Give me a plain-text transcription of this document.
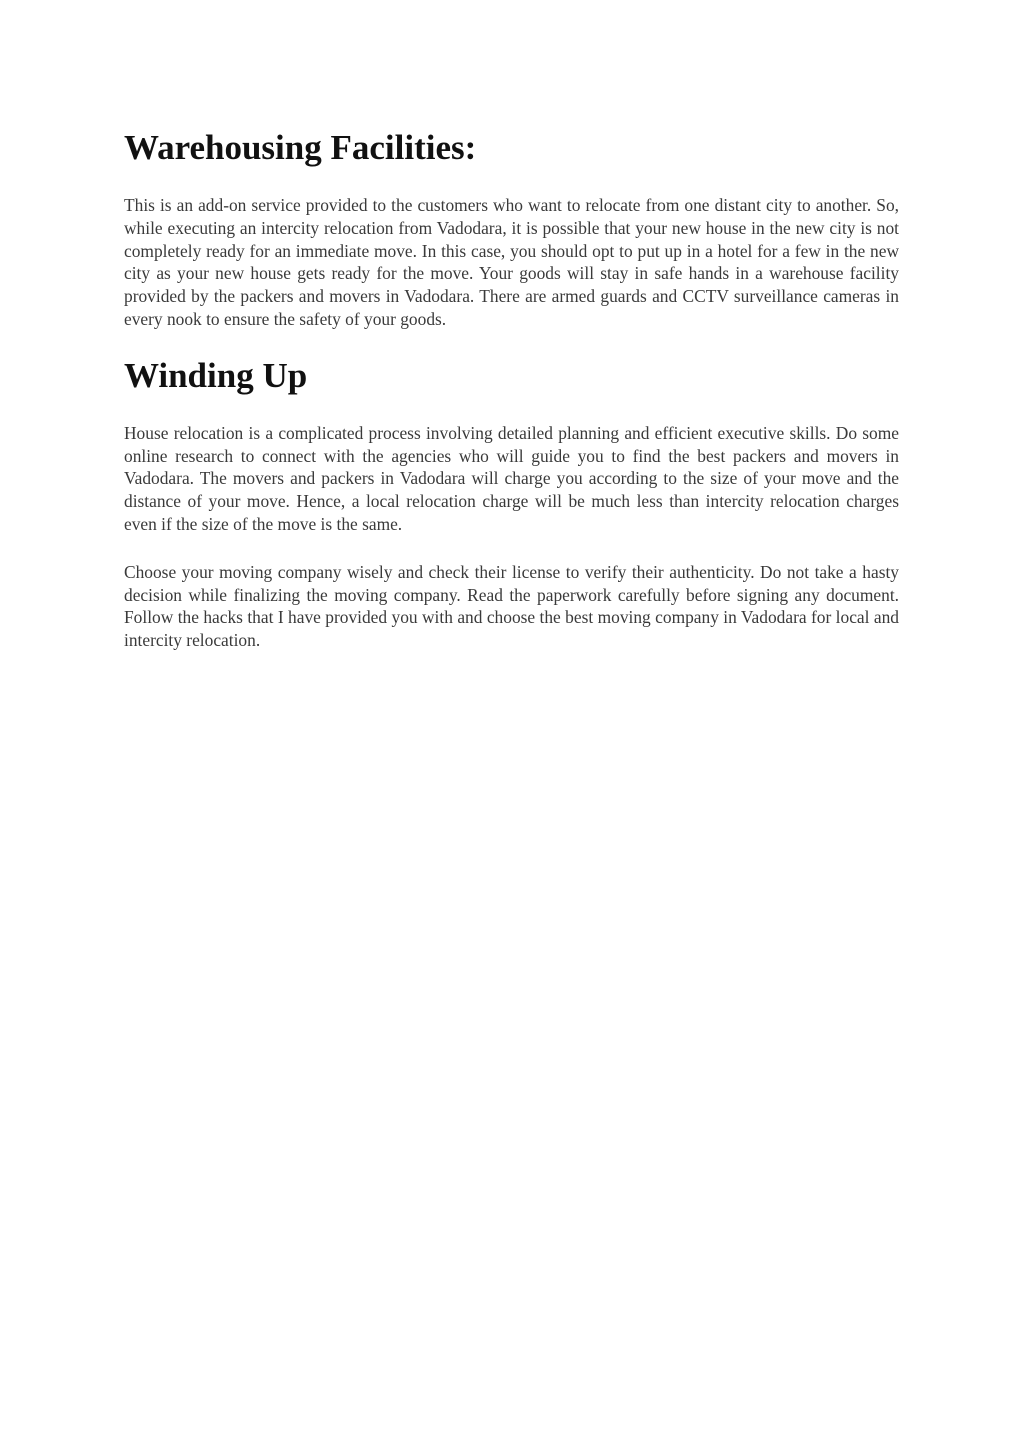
Warehousing Facilities:

This is an add-on service provided to the customers who want to relocate from one distant city to another. So, while executing an intercity relocation from Vadodara, it is possible that your new house in the new city is not completely ready for an immediate move. In this case, you should opt to put up in a hotel for a few in the new city as your new house gets ready for the move. Your goods will stay in safe hands in a warehouse facility provided by the packers and movers in Vadodara. There are armed guards and CCTV surveillance cameras in every nook to ensure the safety of your goods.

Winding Up

House relocation is a complicated process involving detailed planning and efficient executive skills. Do some online research to connect with the agencies who will guide you to find the best packers and movers in Vadodara. The movers and packers in Vadodara will charge you according to the size of your move and the distance of your move. Hence, a local relocation charge will be much less than intercity relocation charges even if the size of the move is the same.

Choose your moving company wisely and check their license to verify their authenticity. Do not take a hasty decision while finalizing the moving company. Read the paperwork carefully before signing any document. Follow the hacks that I have provided you with and choose the best moving company in Vadodara for local and intercity relocation.
